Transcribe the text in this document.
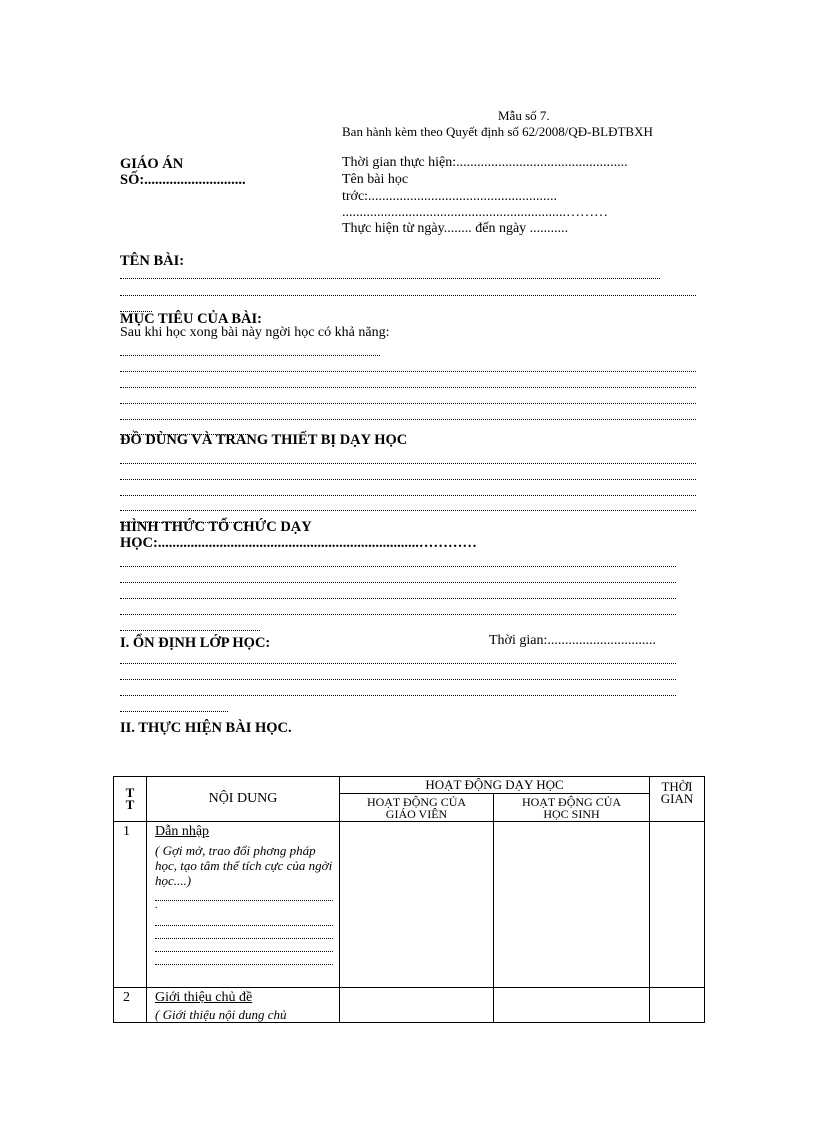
Mẫu số 7.
Ban hành kèm theo Quyết định số 62/2008/QĐ-BLĐTBXH
GIÁO ÁN
SỐ:............................
Thời gian thực hiện:.................................................
Tên bài học
trớc:......................................................
................................................................………
Thực hiện từ ngày........ đến ngày ...........
TÊN BÀI:
MỤC TIÊU CỦA BÀI:
Sau khi học xong bài này ngời học có khả năng:
ĐỒ DÙNG VÀ TRANG THIẾT BỊ DẠY HỌC
HÌNH THỨC TỔ CHỨC DẠY
HỌC:........................................................................…………
I. ỔN ĐỊNH LỚP HỌC:	Thời gian:...............................
II. THỰC HIỆN BÀI HỌC.
TT	NỘI DUNG	HOẠT ĐỘNG DẠY HỌC		THỜI GIAN
		HOẠT ĐỘNG CỦA GIÁO VIÊN	HOẠT ĐỘNG CỦA HỌC SINH	
1	Dẫn nhập
( Gợi mở, trao đổi phơng pháp học, tạo tâm thế tích cực của ngời học....)
.			

2	Giới thiệu chủ đề
( Giới thiệu nội dung chủ			
